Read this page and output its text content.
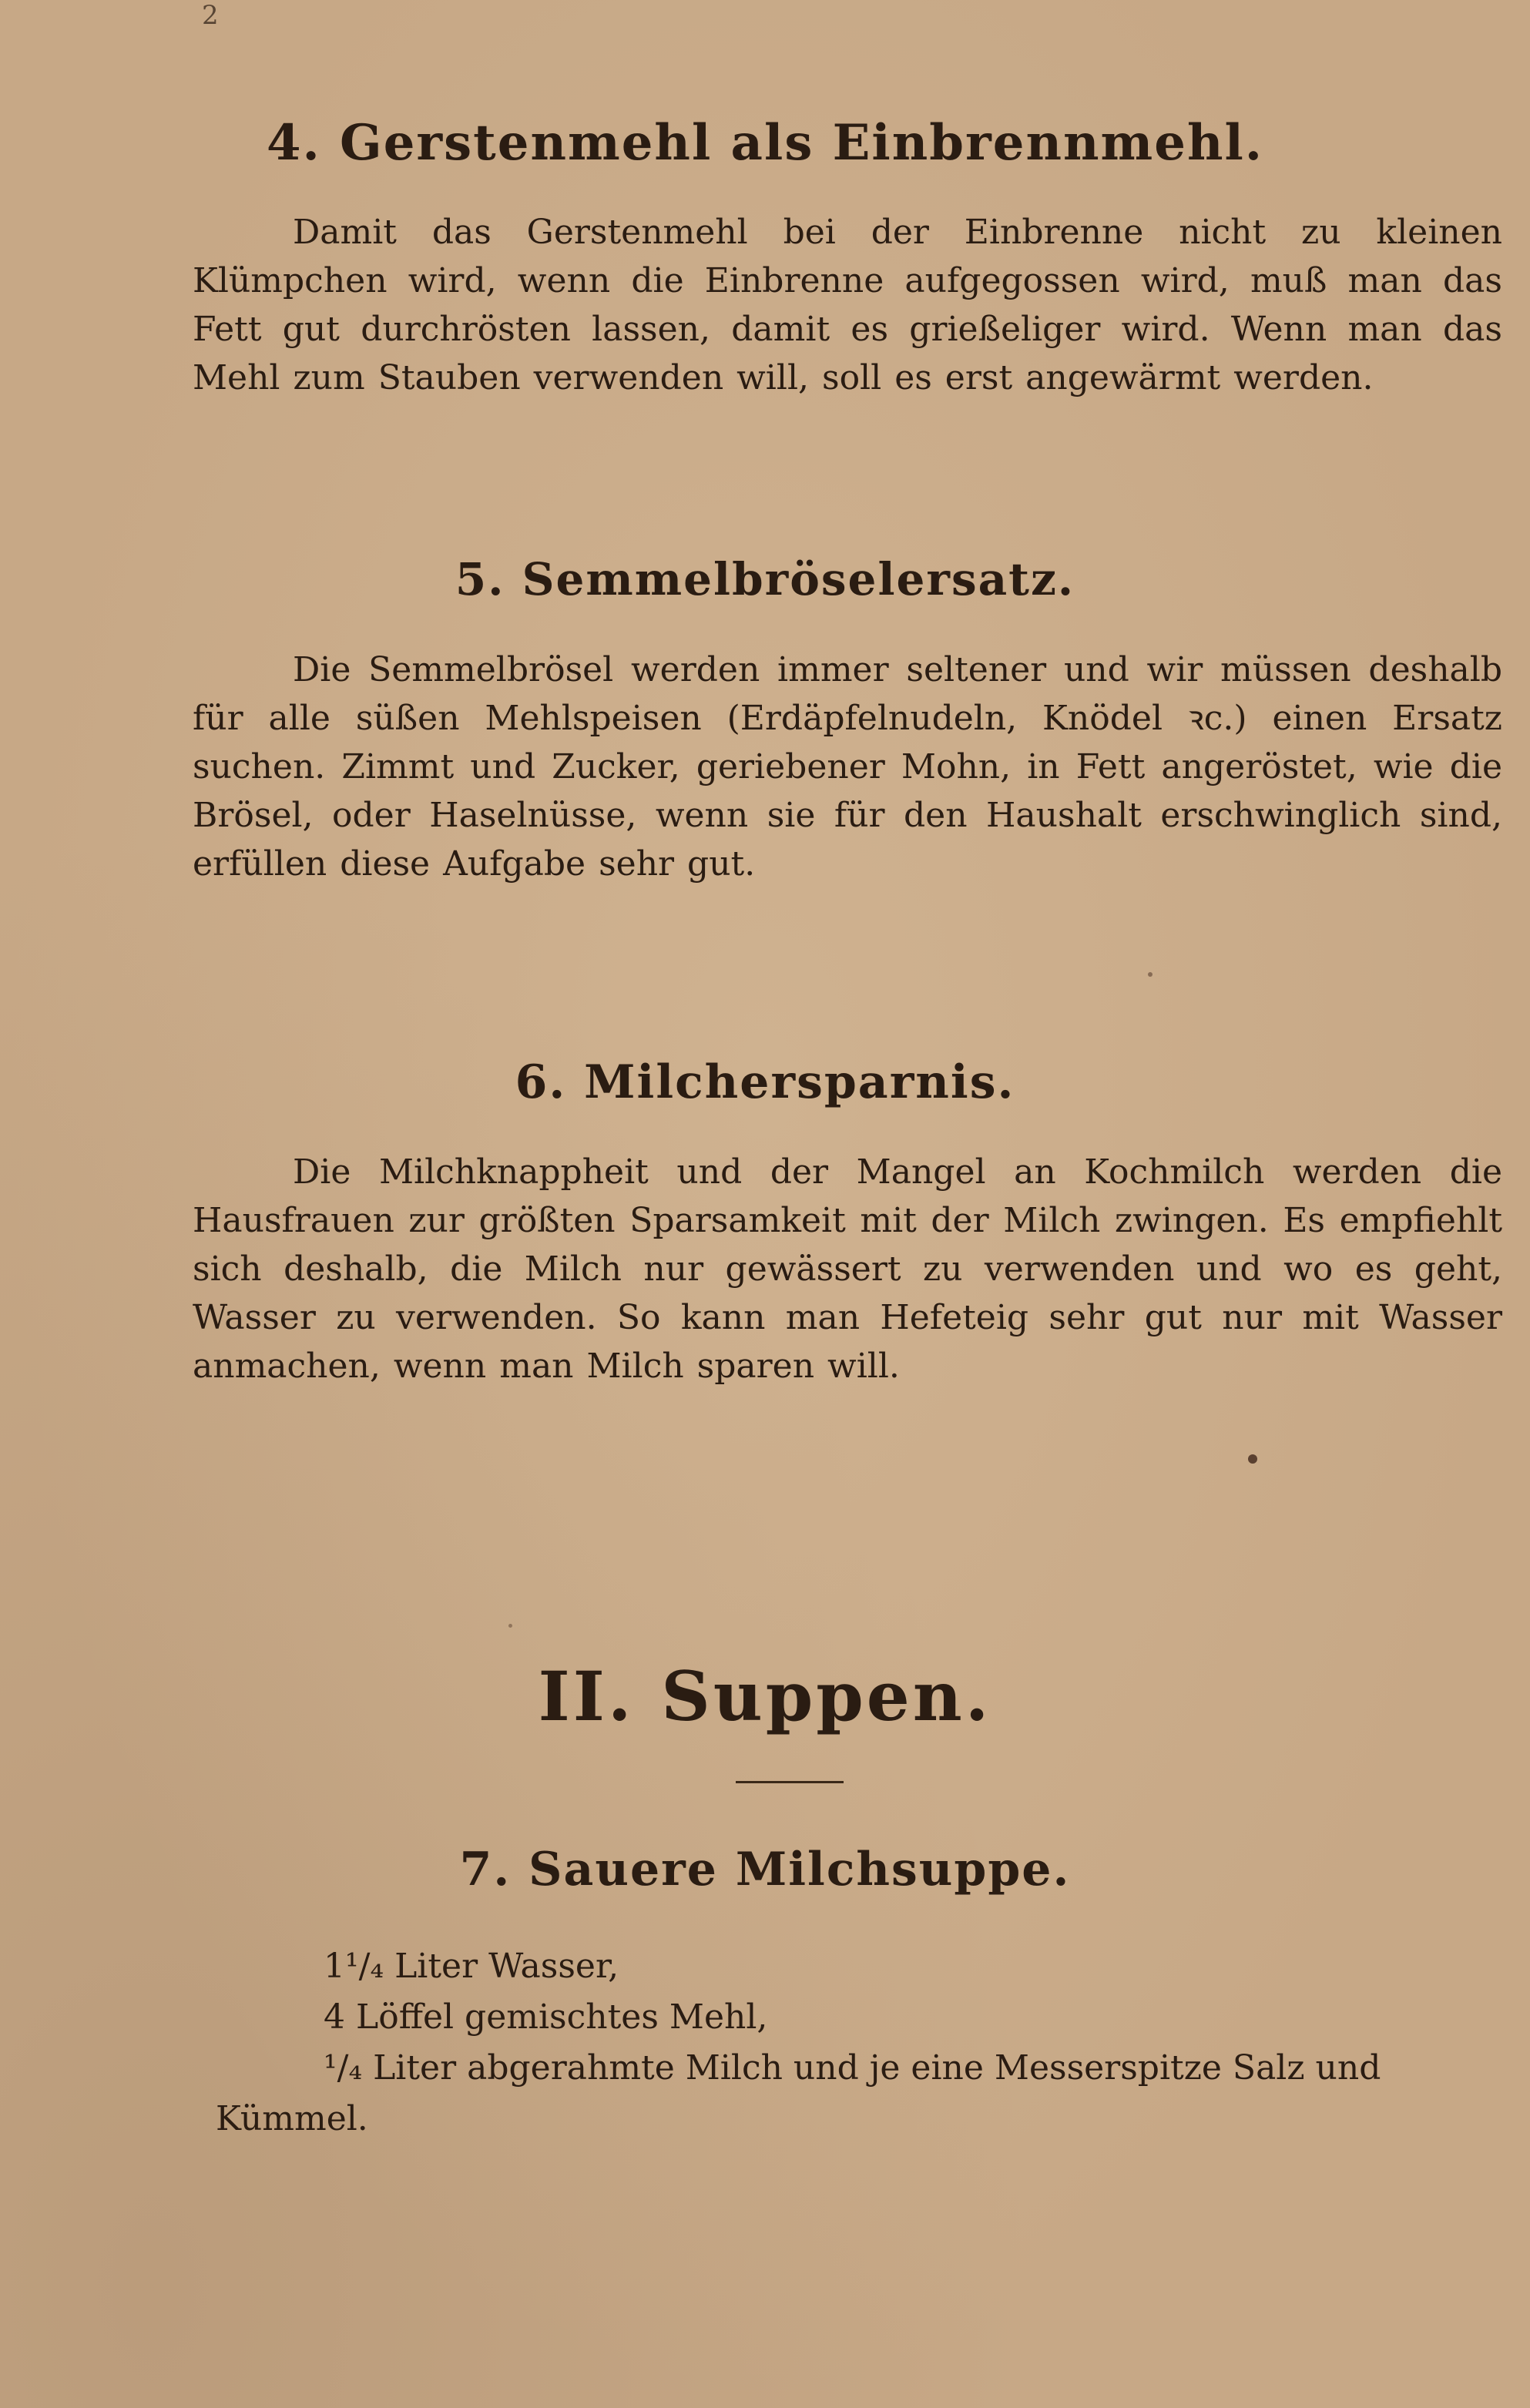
2
4. Gerstenmehl als Einbrennmehl.

Damit das Gerstenmehl bei der Einbrenne nicht zu kleinen Klümpchen wird, wenn die Einbrenne aufgegossen wird, muß man das Fett gut durchrösten lassen, damit es grießeliger wird. Wenn man das Mehl zum Stauben verwenden will, soll es erst angewärmt werden.

5. Semmelbröselersatz.

Die Semmelbrösel werden immer seltener und wir müssen deshalb für alle süßen Mehlspeisen (Erdäpfelnudeln, Knödel ꝛc.) einen Ersatz suchen. Zimmt und Zucker, geriebener Mohn, in Fett angeröstet, wie die Brösel, oder Haselnüsse, wenn sie für den Haushalt erschwinglich sind, erfüllen diese Aufgabe sehr gut.

6. Milchersparnis.

Die Milchknappheit und der Mangel an Kochmilch werden die Hausfrauen zur größten Sparsamkeit mit der Milch zwingen. Es empfiehlt sich deshalb, die Milch nur gewässert zu verwenden und wo es geht, Wasser zu verwenden. So kann man Hefeteig sehr gut nur mit Wasser anmachen, wenn man Milch sparen will.

II. Suppen.
7. Sauere Milchsuppe.
1¹/₄ Liter Wasser,
4 Löffel gemischtes Mehl,
¹/₄ Liter abgerahmte Milch und je eine Messerspitze Salz und Kümmel.
